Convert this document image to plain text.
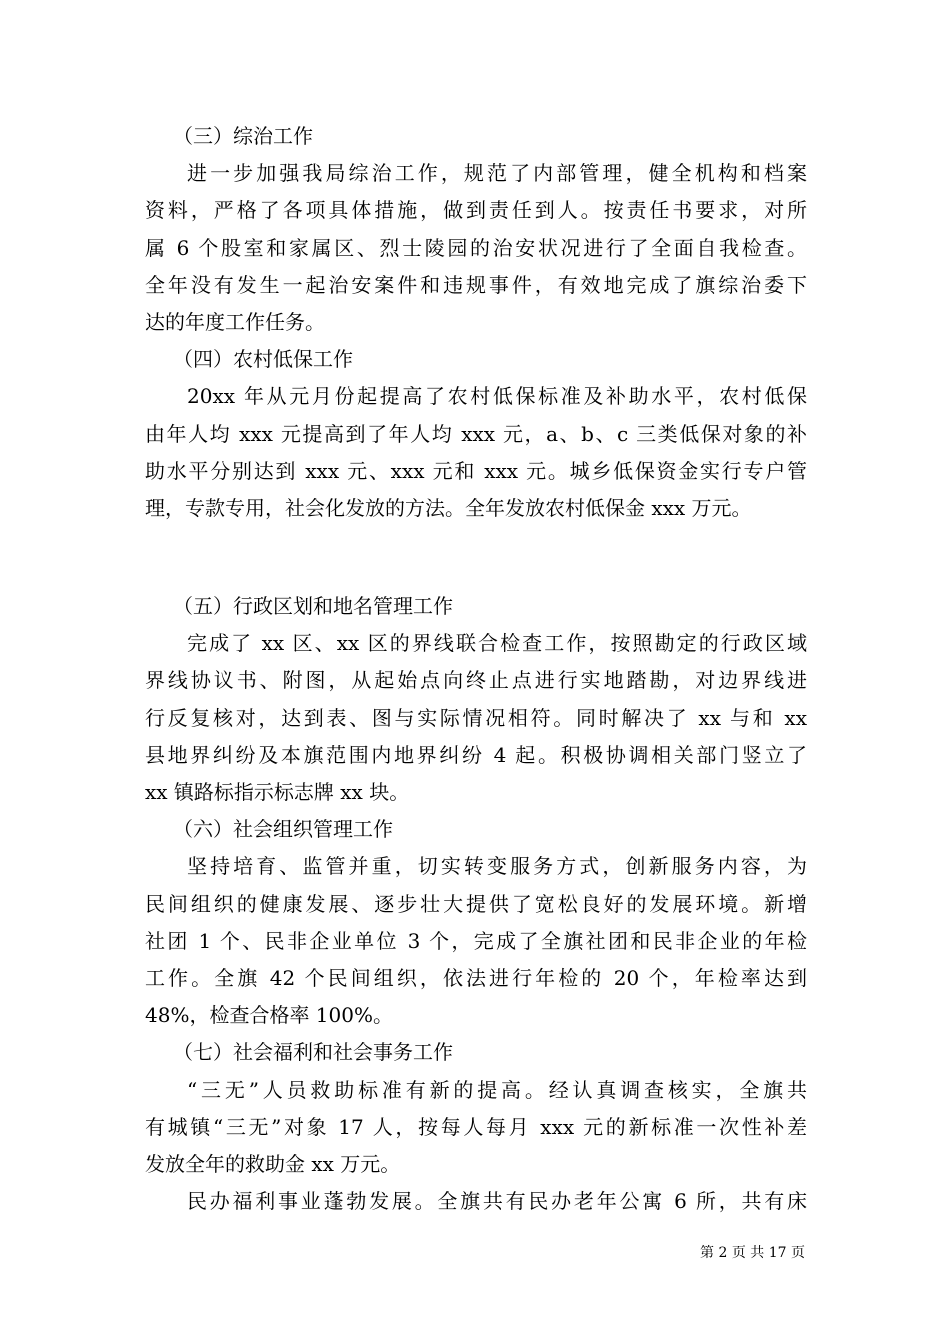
（三）综治工作
进一步加强我局综治工作，规范了内部管理，健全机构和档案
资料，严格了各项具体措施，做到责任到人。按责任书要求，对所
属 6 个股室和家属区、烈士陵园的治安状况进行了全面自我检查。
全年没有发生一起治安案件和违规事件，有效地完成了旗综治委下
达的年度工作任务。
（四）农村低保工作
20xx 年从元月份起提高了农村低保标准及补助水平，农村低保
由年人均 xxx 元提高到了年人均 xxx 元，a、b、c 三类低保对象的补
助水平分别达到 xxx 元、xxx 元和 xxx 元。城乡低保资金实行专户管
理，专款专用，社会化发放的方法。全年发放农村低保金 xxx 万元。
（五）行政区划和地名管理工作
完成了 xx 区、xx 区的界线联合检查工作，按照勘定的行政区域
界线协议书、附图，从起始点向终止点进行实地踏勘，对边界线进
行反复核对，达到表、图与实际情况相符。同时解决了 xx 与和 xx
县地界纠纷及本旗范围内地界纠纷 4 起。积极协调相关部门竖立了
xx 镇路标指示标志牌 xx 块。
（六）社会组织管理工作
坚持培育、监管并重，切实转变服务方式，创新服务内容，为
民间组织的健康发展、逐步壮大提供了宽松良好的发展环境。新增
社团 1 个、民非企业单位 3 个，完成了全旗社团和民非企业的年检
工作。全旗 42 个民间组织，依法进行年检的 20 个，年检率达到
48%，检查合格率 100%。
（七）社会福利和社会事务工作
“三无”人员救助标准有新的提高。经认真调查核实，全旗共
有城镇“三无”对象 17 人，按每人每月 xxx 元的新标准一次性补差
发放全年的救助金 xx 万元。
民办福利事业蓬勃发展。全旗共有民办老年公寓 6 所，共有床
第 2 页 共 17 页
